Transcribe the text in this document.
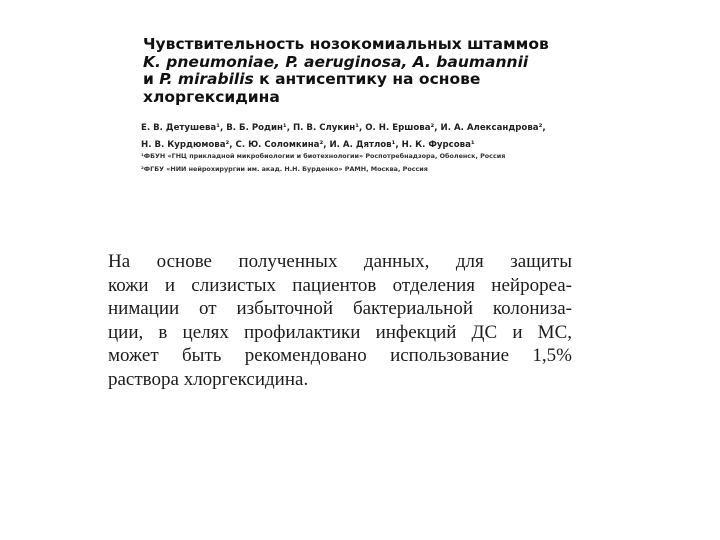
Чувствительность нозокомиальных штаммов
K. pneumoniae, P. aeruginosa, A. baumannii
и P. mirabilis к антисептику на основе
хлоргексидина
Е. В. Детушева¹, В. Б. Родин¹, П. В. Слукин¹, О. Н. Ершова², И. А. Александрова²,
Н. В. Курдюмова², С. Ю. Соломкина², И. А. Дятлов¹, Н. К. Фурсова¹
¹ФБУН «ГНЦ прикладной микробиологии и биотехнологии» Роспотребнадзора, Оболенск, Россия
²ФГБУ «НИИ нейрохирургии им. акад. Н.Н. Бурденко» РАМН, Москва, Россия
На основе полученных данных, для защиты
кожи и слизистых пациентов отделения нейрореа-
нимации от избыточной бактериальной колониза-
ции, в целях профилактики инфекций ДС и МС,
может быть рекомендовано использование 1,5%
раствора хлоргексидина.
